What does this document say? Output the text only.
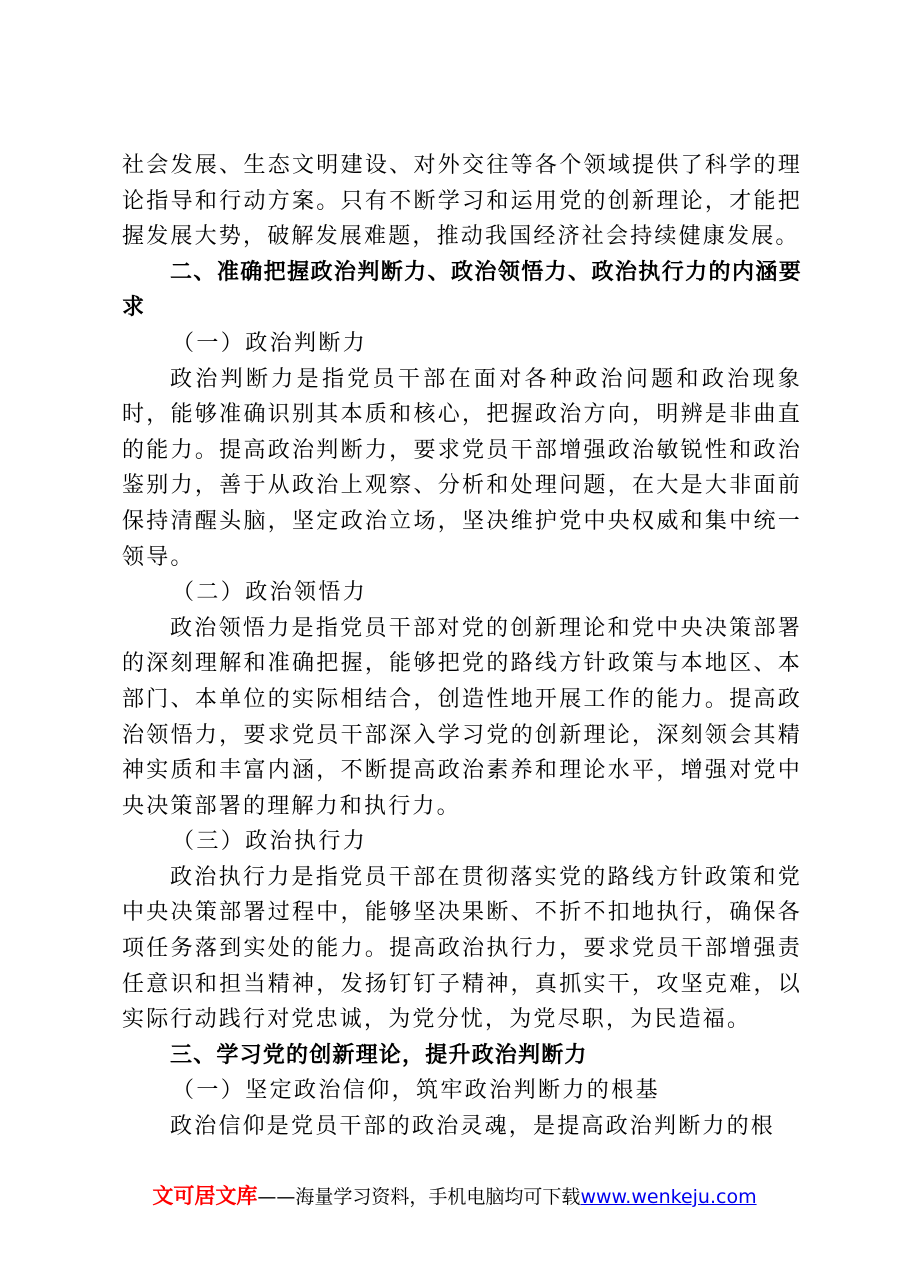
社会发展、生态文明建设、对外交往等各个领域提供了科学的理论指导和行动方案。只有不断学习和运用党的创新理论，才能把握发展大势，破解发展难题，推动我国经济社会持续健康发展。

二、准确把握政治判断力、政治领悟力、政治执行力的内涵要求

（一）政治判断力

政治判断力是指党员干部在面对各种政治问题和政治现象时，能够准确识别其本质和核心，把握政治方向，明辨是非曲直的能力。提高政治判断力，要求党员干部增强政治敏锐性和政治鉴别力，善于从政治上观察、分析和处理问题，在大是大非面前保持清醒头脑，坚定政治立场，坚决维护党中央权威和集中统一领导。

（二）政治领悟力

政治领悟力是指党员干部对党的创新理论和党中央决策部署的深刻理解和准确把握，能够把党的路线方针政策与本地区、本部门、本单位的实际相结合，创造性地开展工作的能力。提高政治领悟力，要求党员干部深入学习党的创新理论，深刻领会其精神实质和丰富内涵，不断提高政治素养和理论水平，增强对党中央决策部署的理解力和执行力。

（三）政治执行力

政治执行力是指党员干部在贯彻落实党的路线方针政策和党中央决策部署过程中，能够坚决果断、不折不扣地执行，确保各项任务落到实处的能力。提高政治执行力，要求党员干部增强责任意识和担当精神，发扬钉钉子精神，真抓实干，攻坚克难，以实际行动践行对党忠诚，为党分忧，为党尽职，为民造福。

三、学习党的创新理论，提升政治判断力

（一）坚定政治信仰，筑牢政治判断力的根基

政治信仰是党员干部的政治灵魂，是提高政治判断力的根

文可居文库——海量学习资料，手机电脑均可下载www.wenkeju.com
